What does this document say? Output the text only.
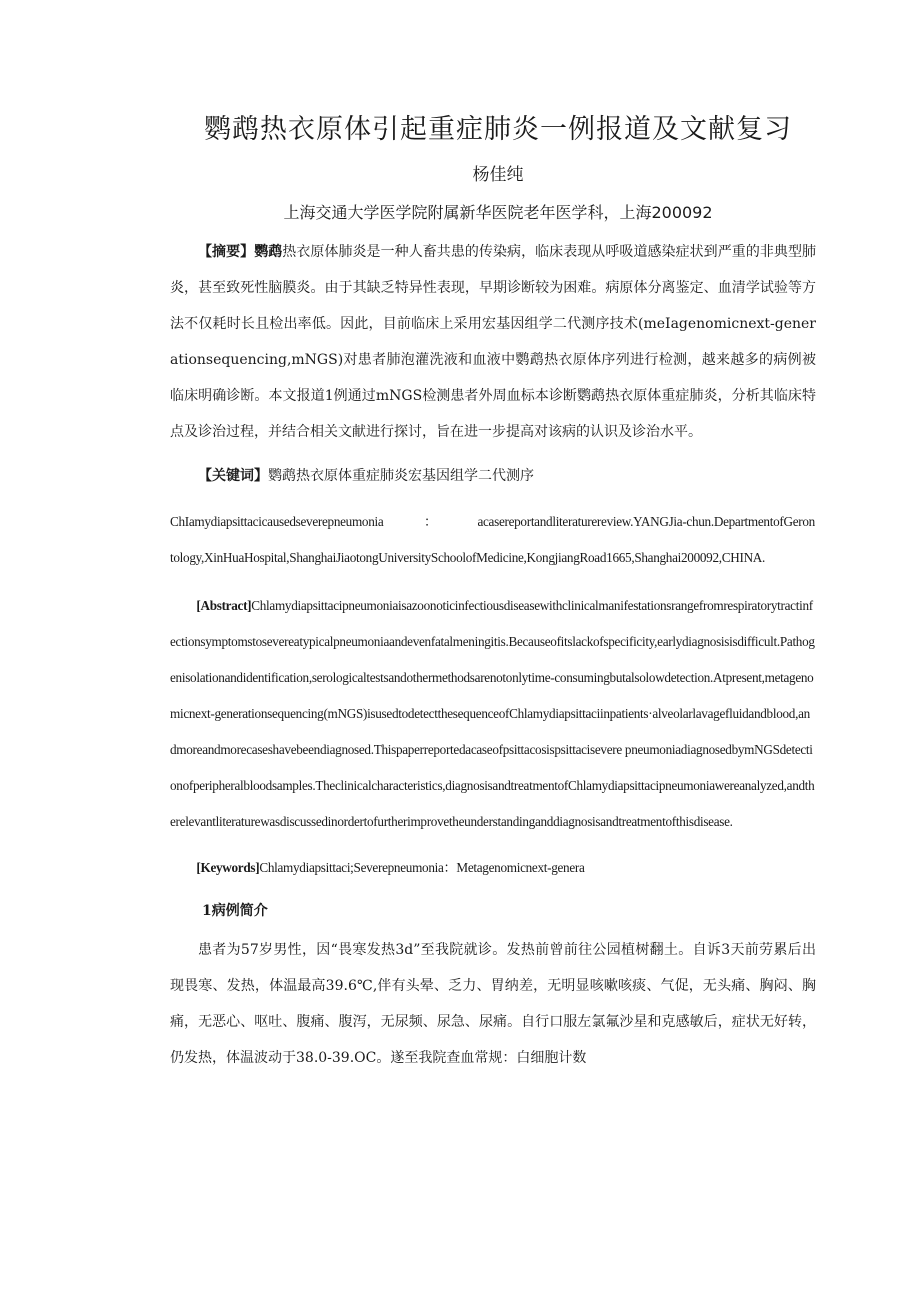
鹦鹉热衣原体引起重症肺炎一例报道及文献复习
杨佳纯
上海交通大学医学院附属新华医院老年医学科，上海200092

【摘要】鹦鹉热衣原体肺炎是一种人畜共患的传染病，临床表现从呼吸道感染症状到严重的非典型肺炎，甚至致死性脑膜炎。由于其缺乏特异性表现，早期诊断较为困难。病原体分离鉴定、血清学试验等方法不仅耗时长且检出率低。因此，目前临床上采用宏基因组学二代测序技术(meIagenomicnext-generationsequencing,mNGS)对患者肺泡灌洗液和血液中鹦鹉热衣原体序列进行检测，越来越多的病例被临床明确诊断。本文报道1例通过mNGS检测患者外周血标本诊断鹦鹉热衣原体重症肺炎，分析其临床特点及诊治过程，并结合相关文献进行探讨，旨在进一步提高对该病的认识及诊治水平。

【关键词】鹦鹉热衣原体重症肺炎宏基因组学二代测序

ChIamydiapsittacicausedseverepneumonia	：	acasereportandliteraturereview.YANGJia-chun.DepartmentofGerontology,XinHuaHospital,ShanghaiJiaotongUniversitySchoolofMedicine,KongjiangRoad1665,Shanghai200092,CHINA.

[Abstract]Chlamydiapsittacipneumoniaisazoonoticinfectiousdiseasewithclinicalmanifestationsrangefromrespiratorytractinfectionsymptomstosevereatypicalpneumoniaandevenfatalmeningitis.Becauseofitslackofspecificity,earlydiagnosisisdifficult.Pathogenisolationandidentification,serologicaltestsandothermethodsarenotonlytime-consumingbutalsolowdetection.Atpresent,metagenomicnext-generationsequencing(mNGS)isusedtodetectthesequenceofChlamydiapsittaciinpatients·alveolarlavagefluidandblood,andmoreandmorecaseshavebeendiagnosed.Thispaperreportedacaseofpsittacosispsittacisevere pneumoniadiagnosedbymNGSdetectionofperipheralbloodsamples.Theclinicalcharacteristics,diagnosisandtreatmentofChlamydiapsittacipneumoniawereanalyzed,andtherelevantliteraturewasdiscussedinordertofurtherimprovetheunderstandinganddiagnosisandtreatmentofthisdisease.

[Keywords]Chlamydiapsittaci;Severepneumonia：Metagenomicnext-genera

1病例简介

患者为57岁男性，因“畏寒发热3d”至我院就诊。发热前曾前往公园植树翻土。自诉3天前劳累后出现畏寒、发热，体温最高39.6℃,伴有头晕、乏力、胃纳差，无明显咳嗽咳痰、气促，无头痛、胸闷、胸痛，无恶心、呕吐、腹痛、腹泻，无尿频、尿急、尿痛。自行口服左氯氟沙星和克感敏后，症状无好转，仍发热，体温波动于38.0-39.OC。遂至我院查血常规：白细胞计数
